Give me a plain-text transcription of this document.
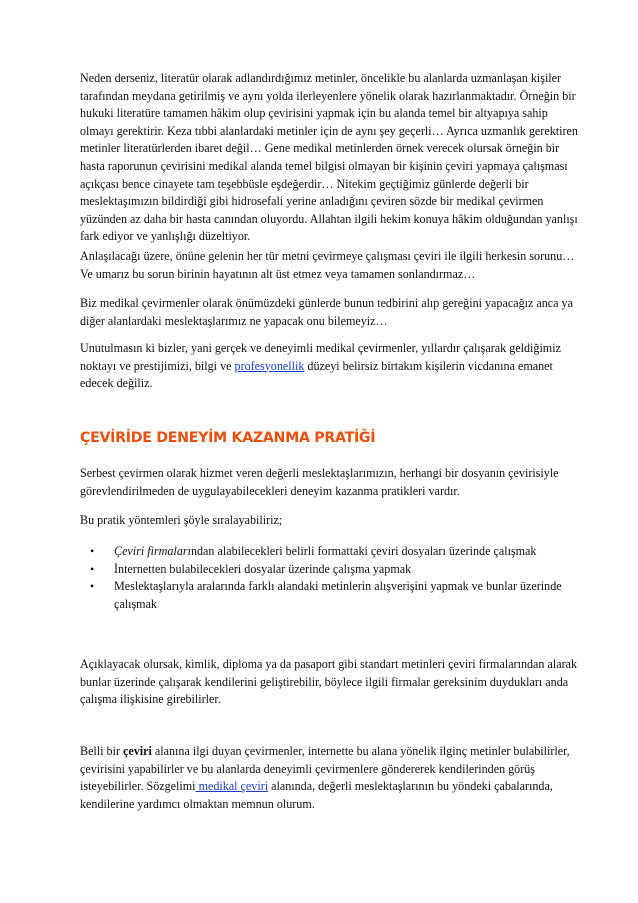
Neden derseniz, literatür olarak adlandırdığımız metinler, öncelikle bu alanlarda uzmanlaşan kişiler tarafından meydana getirilmiş ve aynı yolda ilerleyenlere yönelik olarak hazırlanmaktadır. Örneğin bir hukuki literatüre tamamen hâkim olup çevirisini yapmak için bu alanda temel bir altyapıya sahip olmayı gerektirir. Keza tıbbi alanlardaki metinler için de aynı şey geçerli… Ayrıca uzmanlık gerektiren metinler literatürlerden ibaret değil… Gene medikal metinlerden örnek verecek olursak örneğin bir hasta raporunun çevirisini medikal alanda temel bilgisi olmayan bir kişinin çeviri yapmaya çalışması açıkçası bence cinayete tam teşebbüsle eşdeğerdir… Nitekim geçtiğimiz günlerde değerli bir meslektaşımızın bildirdiği gibi hidrosefali yerine anladığını çeviren sözde bir medikal çevirmen yüzünden az daha bir hasta canından oluyordu. Allahtan ilgili hekim konuya hâkim olduğundan yanlışı fark ediyor ve yanlışlığı düzeltiyor.

Anlaşılacağı üzere, önüne gelenin her tür metni çevirmeye çalışması çeviri ile ilgili herkesin sorunu… Ve umarız bu sorun birinin hayatının alt üst etmez veya tamamen sonlandırmaz…

Biz medikal çevirmenler olarak önümüzdeki günlerde bunun tedbirini alıp gereğini yapacağız anca ya diğer alanlardaki meslektaşlarımız ne yapacak onu bilemeyiz…

Unutulmasın ki bizler, yani gerçek ve deneyimli medikal çevirmenler, yıllardır çalışarak geldiğimiz noktayı ve prestijimizi, bilgi ve profesyonellik düzeyi belirsiz birtakım kişilerin vicdanına emanet edecek değiliz.

ÇEVİRİDE DENEYİM KAZANMA PRATİĞİ

Serbest çevirmen olarak hizmet veren değerli meslektaşlarımızın, herhangi bir dosyanın çevirisiyle görevlendirilmeden de uygulayabilecekleri deneyim kazanma pratikleri vardır.

Bu pratik yöntemleri şöyle sıralayabiliriz;

• Çeviri firmalarından alabilecekleri belirli formattaki çeviri dosyaları üzerinde çalışmak
• İnternetten bulabilecekleri dosyalar üzerinde çalışma yapmak
• Meslektaşlarıyla aralarında farklı alandaki metinlerin alışverişini yapmak ve bunlar üzerinde çalışmak

Açıklayacak olursak, kimlik, diploma ya da pasaport gibi standart metinleri çeviri firmalarından alarak bunlar üzerinde çalışarak kendilerini geliştirebilir, böylece ilgili firmalar gereksinim duydukları anda çalışma ilişkisine girebilirler.

Belli bir çeviri alanına ilgi duyan çevirmenler, internette bu alana yönelik ilginç metinler bulabilirler, çevirisini yapabilirler ve bu alanlarda deneyimli çevirmenlere göndererek kendilerinden görüş isteyebilirler. Sözgelimi medikal çeviri alanında, değerli meslektaşlarının bu yöndeki çabalarında, kendilerine yardımcı olmaktan memnun olurum.
